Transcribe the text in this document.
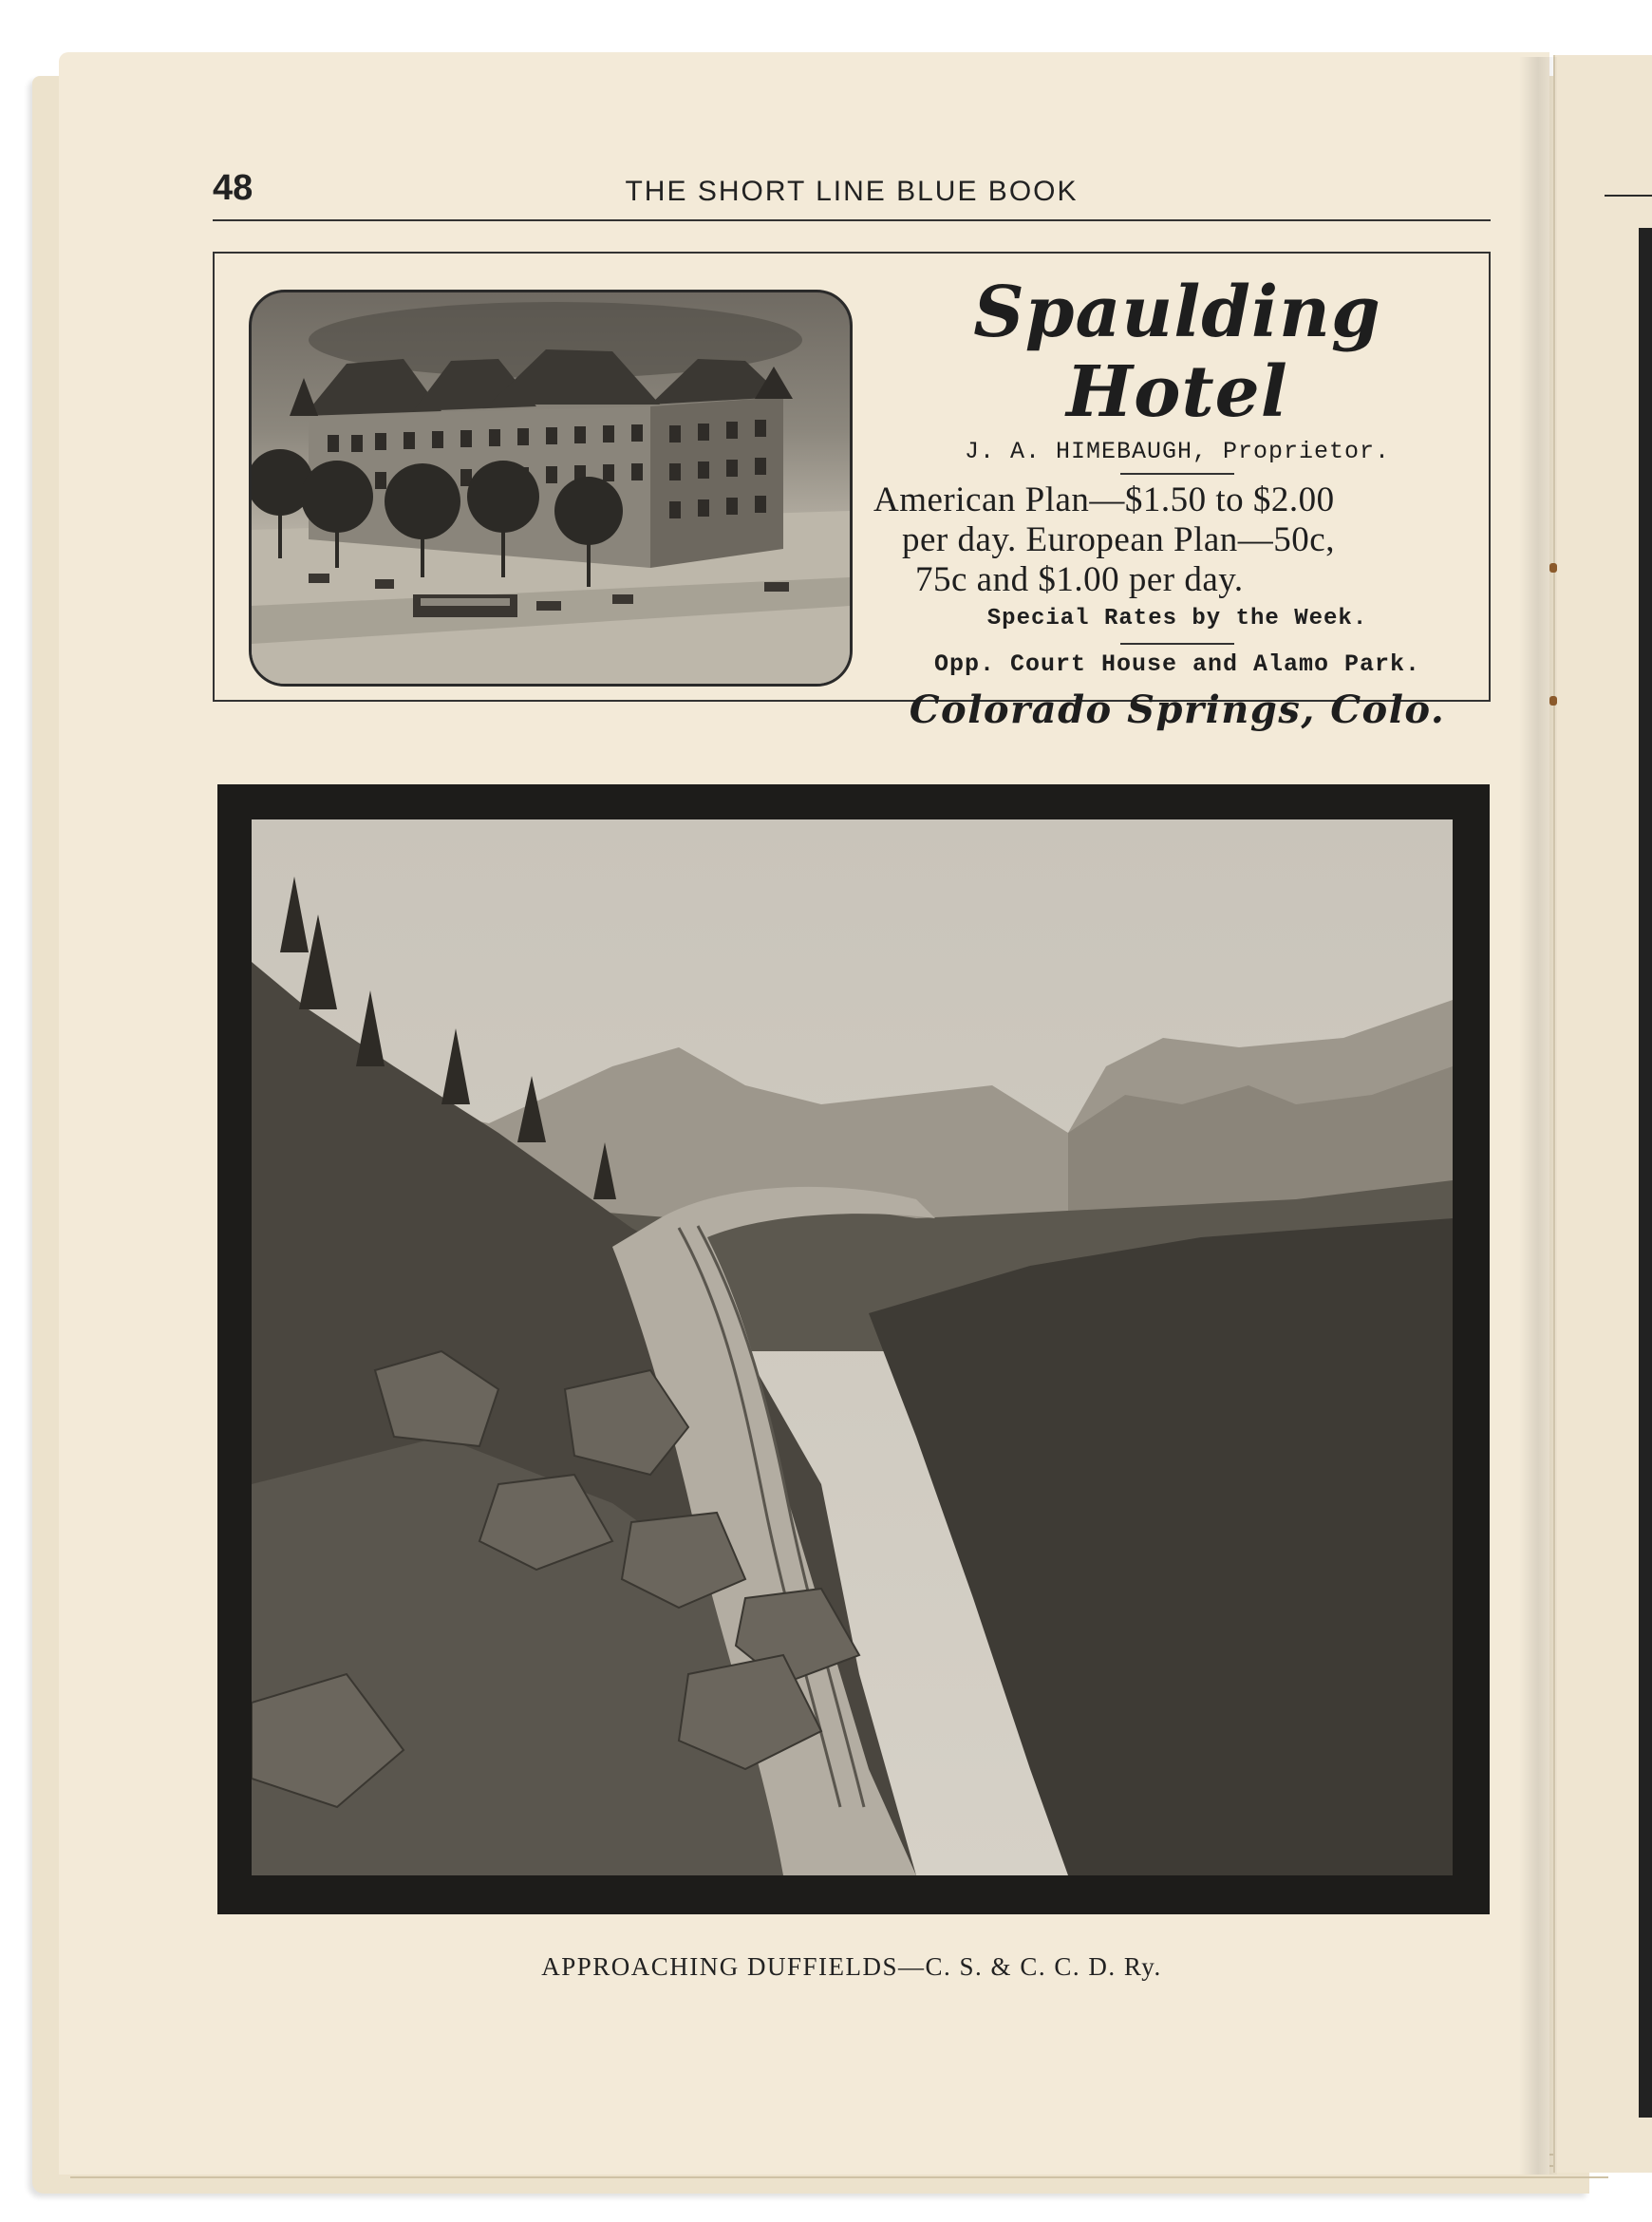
48	THE SHORT LINE BLUE BOOK
Spaulding Hotel
J. A. HIMEBAUGH, Proprietor.
American Plan—$1.50 to $2.00
per day. European Plan—50c,
75c and $1.00 per day.
Special Rates by the Week.
Opp. Court House and Alamo Park.
Colorado Springs, Colo.
APPROACHING DUFFIELDS—C. S. & C. C. D. Ry.
